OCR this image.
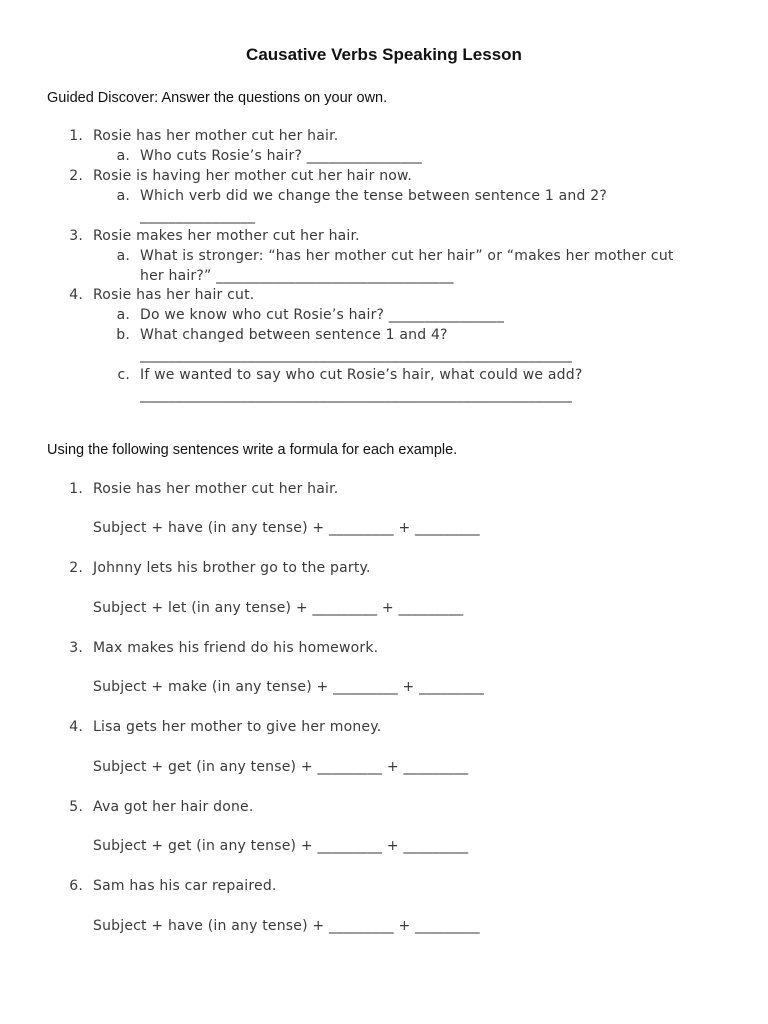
Causative Verbs Speaking Lesson
Guided Discover: Answer the questions on your own.
1. Rosie has her mother cut her hair.
a. Who cuts Rosie’s hair? ________________
2. Rosie is having her mother cut her hair now.
a. Which verb did we change the tense between sentence 1 and 2?
________________
3. Rosie makes her mother cut her hair.
a. What is stronger: “has her mother cut her hair” or “makes her mother cut
her hair?” _________________________________
4. Rosie has her hair cut.
a. Do we know who cut Rosie’s hair? ________________
b. What changed between sentence 1 and 4?
____________________________________________________________
c. If we wanted to say who cut Rosie’s hair, what could we add?
____________________________________________________________
Using the following sentences write a formula for each example.
1. Rosie has her mother cut her hair.
Subject + have (in any tense) + _________ + _________
2. Johnny lets his brother go to the party.
Subject + let (in any tense) + _________ + _________
3. Max makes his friend do his homework.
Subject + make (in any tense) + _________ + _________
4. Lisa gets her mother to give her money.
Subject + get (in any tense) + _________ + _________
5. Ava got her hair done.
Subject + get (in any tense) + _________ + _________
6. Sam has his car repaired.
Subject + have (in any tense) + _________ + _________
